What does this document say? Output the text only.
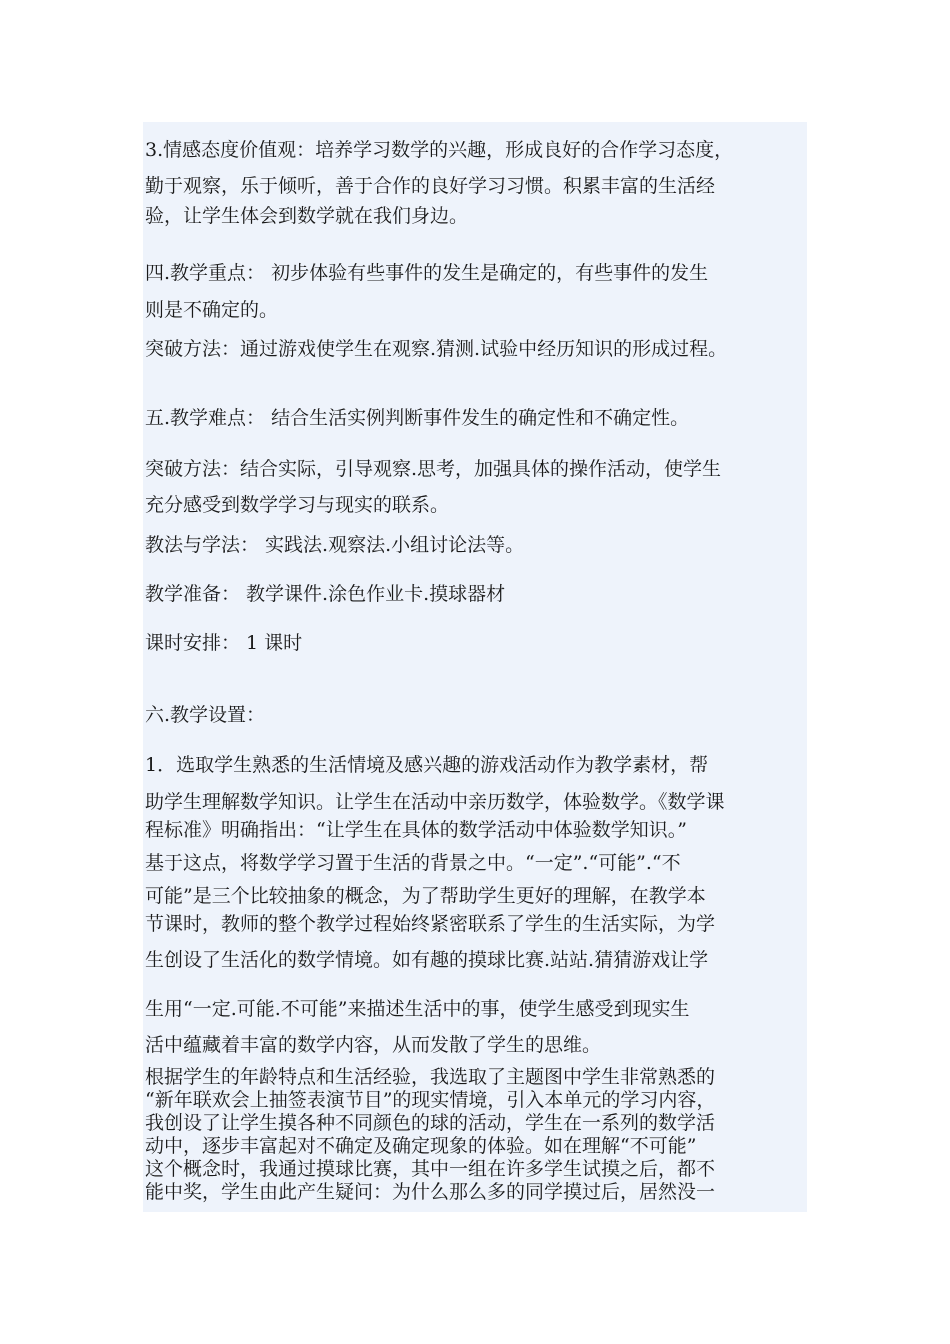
3.情感态度价值观：培养学习数学的兴趣，形成良好的合作学习态度，
勤于观察，乐于倾听，善于合作的良好学习习惯。积累丰富的生活经
验，让学生体会到数学就在我们身边。
四.教学重点： 初步体验有些事件的发生是确定的，有些事件的发生
则是不确定的。
突破方法：通过游戏使学生在观察.猜测.试验中经历知识的形成过程。
五.教学难点： 结合生活实例判断事件发生的确定性和不确定性。
突破方法：结合实际，引导观察.思考，加强具体的操作活动，使学生
充分感受到数学学习与现实的联系。
教法与学法： 实践法.观察法.小组讨论法等。
教学准备： 教学课件.涂色作业卡.摸球器材
课时安排： 1 课时
六.教学设置：
1．选取学生熟悉的生活情境及感兴趣的游戏活动作为教学素材，帮
助学生理解数学知识。让学生在活动中亲历数学，体验数学。《数学课
程标准》明确指出：“让学生在具体的数学活动中体验数学知识。”
基于这点，将数学学习置于生活的背景之中。“一定”.“可能”.“不
可能”是三个比较抽象的概念，为了帮助学生更好的理解，在教学本
节课时，教师的整个教学过程始终紧密联系了学生的生活实际，为学
生创设了生活化的数学情境。如有趣的摸球比赛.站站.猜猜游戏让学
生用“一定.可能.不可能”来描述生活中的事，使学生感受到现实生
活中蕴藏着丰富的数学内容，从而发散了学生的思维。
根据学生的年龄特点和生活经验，我选取了主题图中学生非常熟悉的
“新年联欢会上抽签表演节目”的现实情境，引入本单元的学习内容，
我创设了让学生摸各种不同颜色的球的活动，学生在一系列的数学活
动中，逐步丰富起对不确定及确定现象的体验。如在理解“不可能”
这个概念时，我通过摸球比赛，其中一组在许多学生试摸之后，都不
能中奖，学生由此产生疑问：为什么那么多的同学摸过后，居然没一
